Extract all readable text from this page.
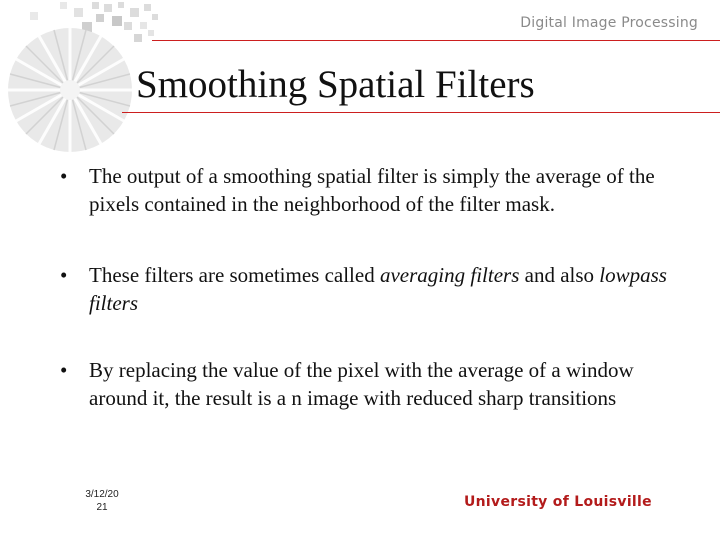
Digital Image Processing
Smoothing Spatial Filters
• The output of a smoothing spatial filter is simply the average of the pixels contained in the neighborhood of the filter mask.
• These filters are sometimes called averaging filters and also lowpass filters
• By replacing the value of the pixel with the average of a window around it, the result is a n image with reduced sharp transitions
3/12/20
21	University of Louisville
